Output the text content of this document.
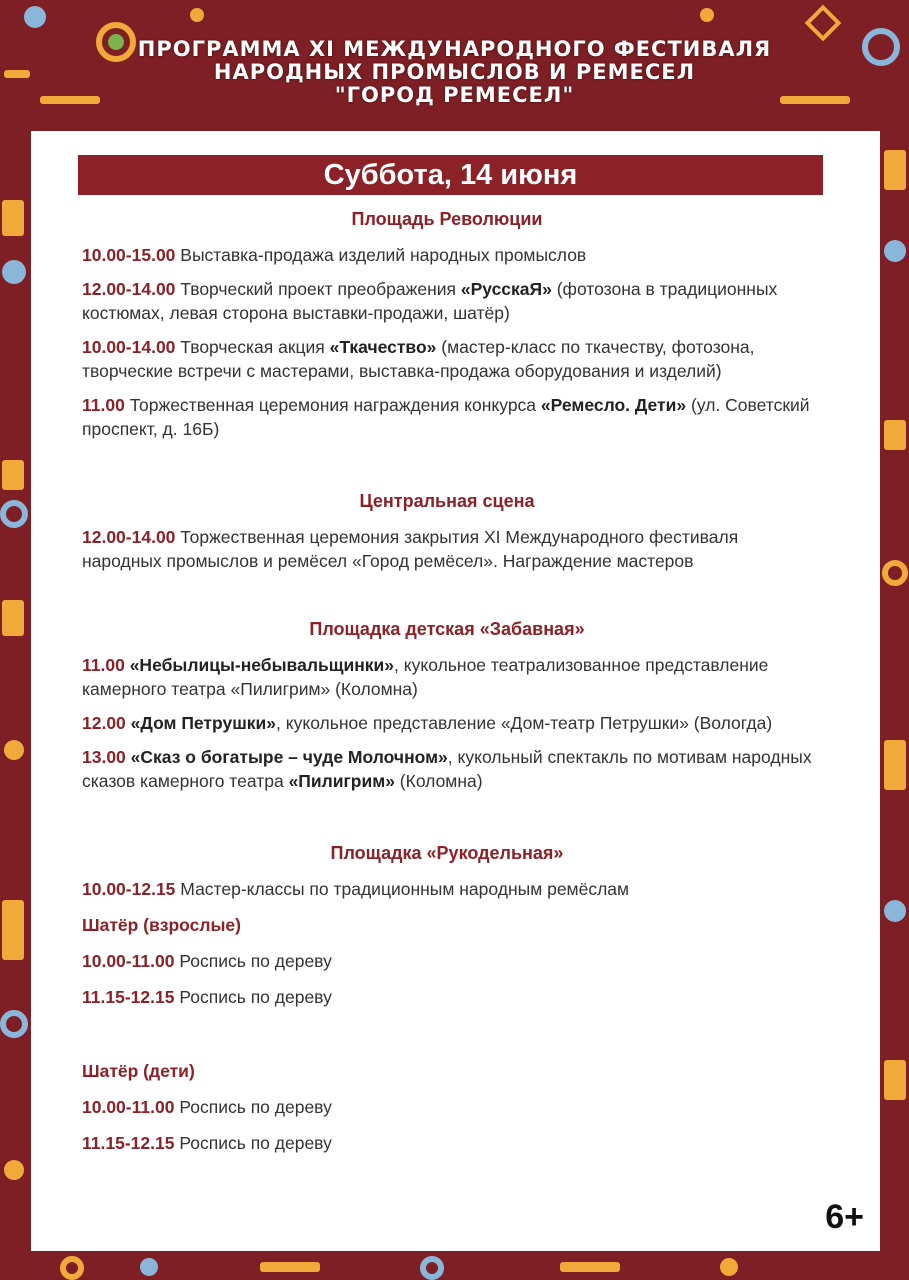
ПРОГРАММА XI МЕЖДУНАРОДНОГО ФЕСТИВАЛЯ
НАРОДНЫХ ПРОМЫСЛОВ И РЕМЕСЕЛ
"ГОРОД РЕМЕСЕЛ"
Суббота, 14 июня
Площадь Революции

10.00-15.00 Выставка-продажа изделий народных промыслов

12.00-14.00 Творческий проект преображения «РусскаЯ» (фотозона в традиционных костюмах, левая сторона выставки-продажи, шатёр)

10.00-14.00 Творческая акция «Ткачество» (мастер-класс по ткачеству, фотозона, творческие встречи с мастерами, выставка-продажа оборудования и изделий)

11.00 Торжественная церемония награждения конкурса «Ремесло. Дети» (ул. Советский проспект, д. 16Б)

Центральная сцена

12.00-14.00 Торжественная церемония закрытия XI Международного фестиваля народных промыслов и ремёсел «Город ремёсел». Награждение мастеров

Площадка детская «Забавная»

11.00 «Небылицы-небывальщинки», кукольное театрализованное представление камерного театра «Пилигрим» (Коломна)

12.00 «Дом Петрушки», кукольное представление «Дом-театр Петрушки» (Вологда)

13.00 «Сказ о богатыре – чуде Молочном», кукольный спектакль по мотивам народных сказов камерного театра «Пилигрим» (Коломна)

Площадка «Рукодельная»

10.00-12.15 Мастер-классы по традиционным народным ремёслам

Шатёр (взрослые)

10.00-11.00 Роспись по дереву

11.15-12.15 Роспись по дереву

Шатёр (дети)

10.00-11.00 Роспись по дереву

11.15-12.15 Роспись по дереву

6+
